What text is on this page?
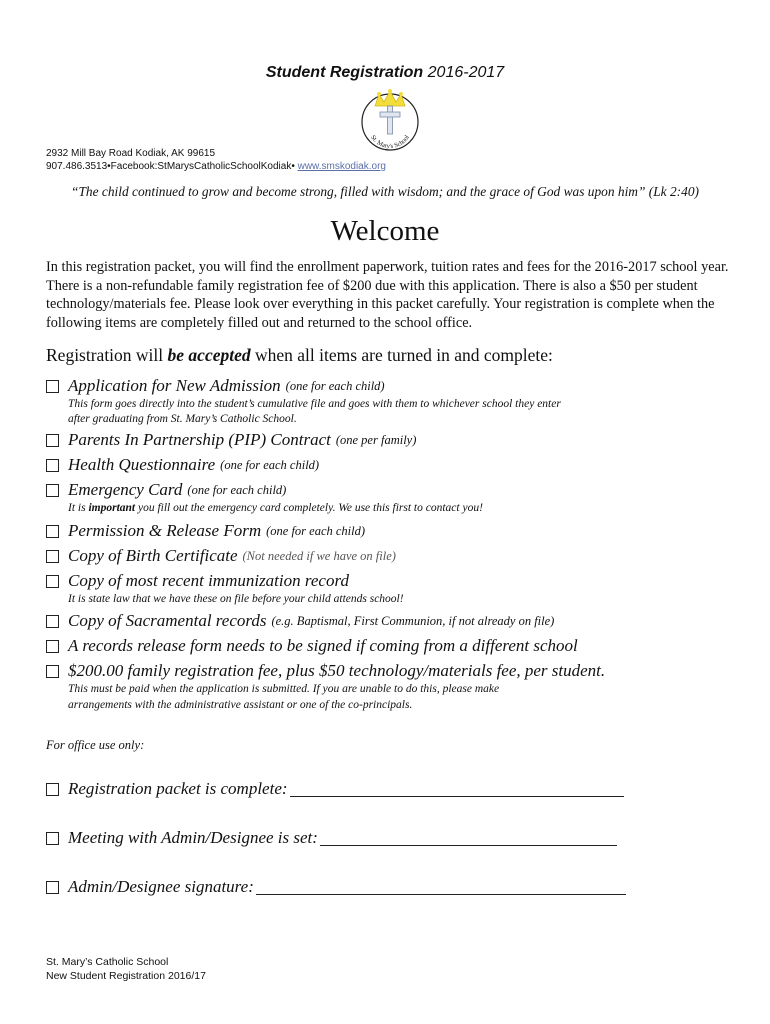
Student Registration 2016-2017
St. Mary's School
2932 Mill Bay Road Kodiak, AK 99615
907.486.3513•Facebook:StMarysCatholicSchoolKodiak• www.smskodiak.org
“The child continued to grow and become strong, filled with wisdom; and the grace of God was upon him” (Lk 2:40)
Welcome
In this registration packet, you will find the enrollment paperwork, tuition rates and fees for the 2016-2017 school year. There is a non-refundable family registration fee of $200 due with this application. There is also a $50 per student technology/materials fee. Please look over everything in this packet carefully. Your registration is complete when the following items are completely filled out and returned to the school office.
Registration will be accepted when all items are turned in and complete:
Application for New Admission (one for each child)
This form goes directly into the student’s cumulative file and goes with them to whichever school they enter
after graduating from St. Mary’s Catholic School.
Parents In Partnership (PIP) Contract (one per family)
Health Questionnaire (one for each child)
Emergency Card (one for each child)
It is important you fill out the emergency card completely. We use this first to contact you!
Permission & Release Form (one for each child)
Copy of Birth Certificate (Not needed if we have on file)
Copy of most recent immunization record
It is state law that we have these on file before your child attends school!
Copy of Sacramental records (e.g. Baptismal, First Communion, if not already on file)
A records release form needs to be signed if coming from a different school
$200.00 family registration fee, plus $50 technology/materials fee, per student.
This must be paid when the application is submitted. If you are unable to do this, please make
arrangements with the administrative assistant or one of the co-principals.
For office use only:
Registration packet is complete:
Meeting with Admin/Designee is set:
Admin/Designee signature:
St. Mary’s Catholic School
New Student Registration 2016/17
